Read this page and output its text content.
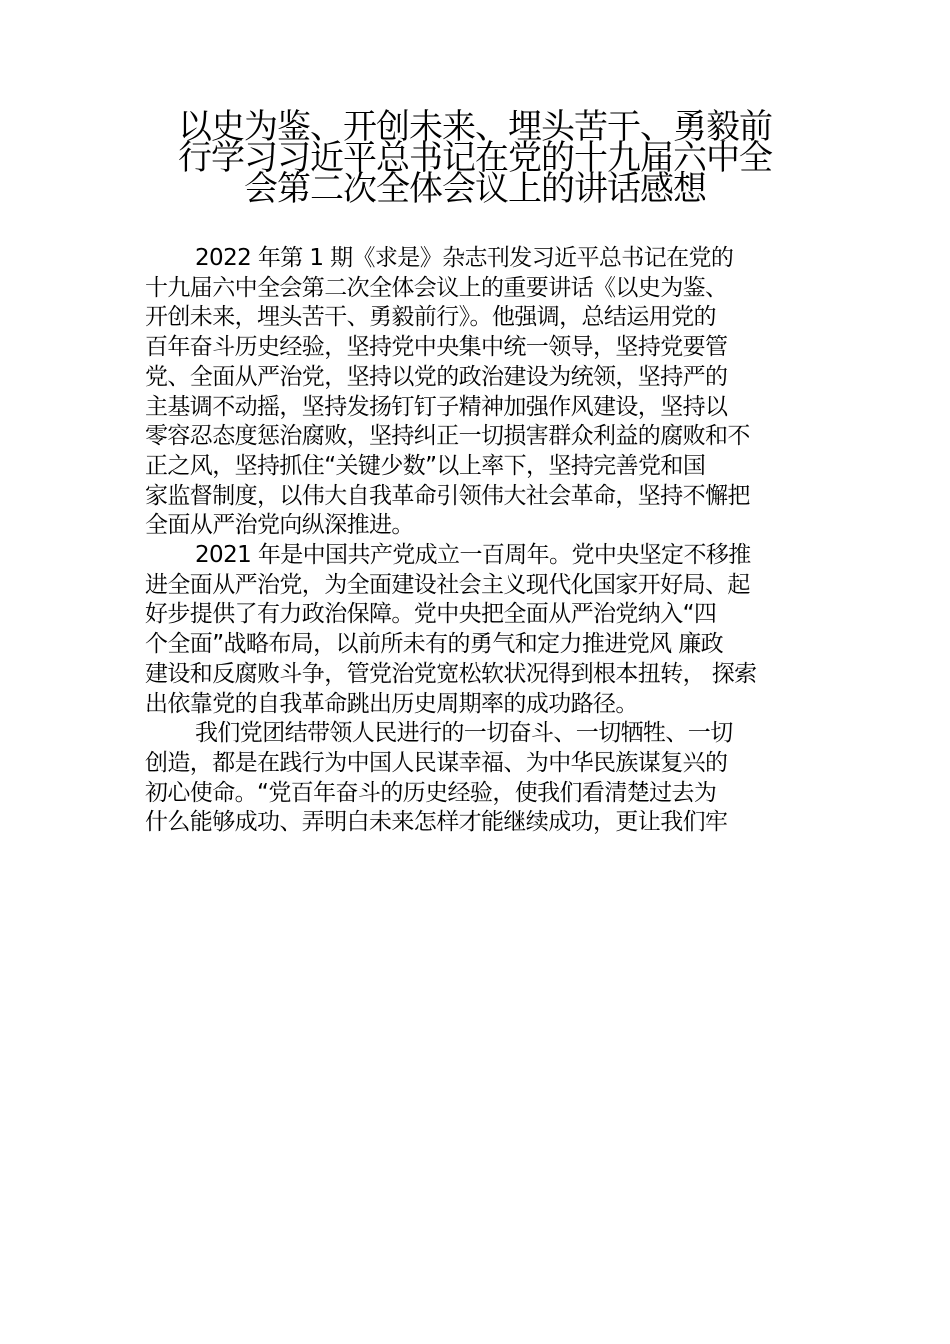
以史为鉴、开创未来、埋头苦干、勇毅前
行学习习近平总书记在党的十九届六中全
会第二次全体会议上的讲话感想

2022 年第 1 期《求是》杂志刊发习近平总书记在党的
十九届六中全会第二次全体会议上的重要讲话《以史为鉴、
开创未来，埋头苦干、勇毅前行》。他强调，总结运用党的
百年奋斗历史经验，坚持党中央集中统一领导，坚持党要管
党、全面从严治党，坚持以党的政治建设为统领，坚持严的
主基调不动摇，坚持发扬钉钉子精神加强作风建设，坚持以
零容忍态度惩治腐败，坚持纠正一切损害群众利益的腐败和不
正之风，坚持抓住“关键少数”以上率下，坚持完善党和国
家监督制度，以伟大自我革命引领伟大社会革命，坚持不懈把
全面从严治党向纵深推进。

2021 年是中国共产党成立一百周年。党中央坚定不移推
进全面从严治党，为全面建设社会主义现代化国家开好局、起
好步提供了有力政治保障。党中央把全面从严治党纳入“四
个全面”战略布局，以前所未有的勇气和定力推进党风 廉政
建设和反腐败斗争，管党治党宽松软状况得到根本扭转， 探索
出依靠党的自我革命跳出历史周期率的成功路径。

我们党团结带领人民进行的一切奋斗、一切牺牲、一切
创造，都是在践行为中国人民谋幸福、为中华民族谋复兴的
初心使命。“党百年奋斗的历史经验，使我们看清楚过去为
什么能够成功、弄明白未来怎样才能继续成功，更让我们牢
